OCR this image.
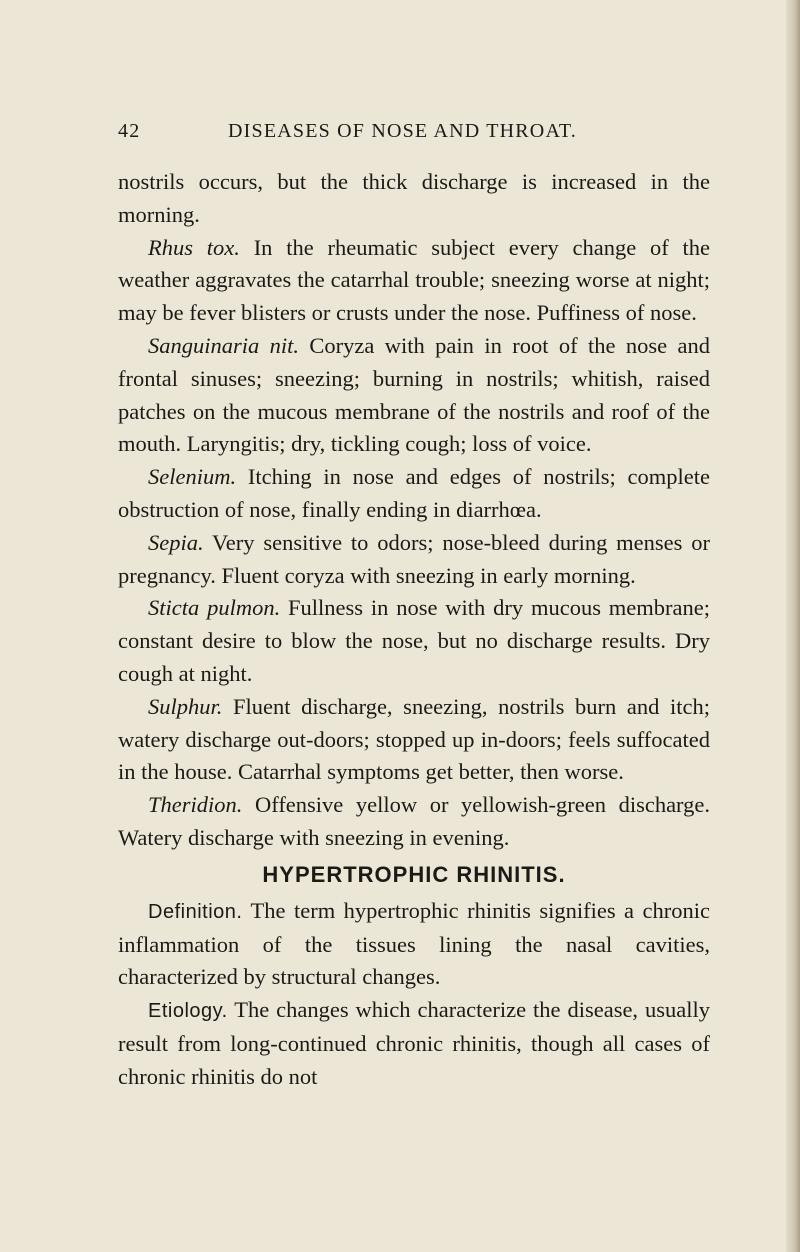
42	DISEASES OF NOSE AND THROAT.

nostrils occurs, but the thick discharge is increased in the morning.

Rhus tox. In the rheumatic subject every change of the weather aggravates the catarrhal trouble; sneezing worse at night; may be fever blisters or crusts under the nose. Puffiness of nose.

Sanguinaria nit. Coryza with pain in root of the nose and frontal sinuses; sneezing; burning in nostrils; whitish, raised patches on the mucous membrane of the nostrils and roof of the mouth. Laryngitis; dry, tickling cough; loss of voice.

Selenium. Itching in nose and edges of nostrils; complete obstruction of nose, finally ending in diarrhœa.

Sepia. Very sensitive to odors; nose-bleed during menses or pregnancy. Fluent coryza with sneezing in early morning.

Sticta pulmon. Fullness in nose with dry mucous membrane; constant desire to blow the nose, but no discharge results. Dry cough at night.

Sulphur. Fluent discharge, sneezing, nostrils burn and itch; watery discharge out-doors; stopped up in-doors; feels suffocated in the house. Catarrhal symptoms get better, then worse.

Theridion. Offensive yellow or yellowish-green discharge. Watery discharge with sneezing in evening.

HYPERTROPHIC RHINITIS.

Definition. The term hypertrophic rhinitis signifies a chronic inflammation of the tissues lining the nasal cavities, characterized by structural changes.

Etiology. The changes which characterize the disease, usually result from long-continued chronic rhinitis, though all cases of chronic rhinitis do not
